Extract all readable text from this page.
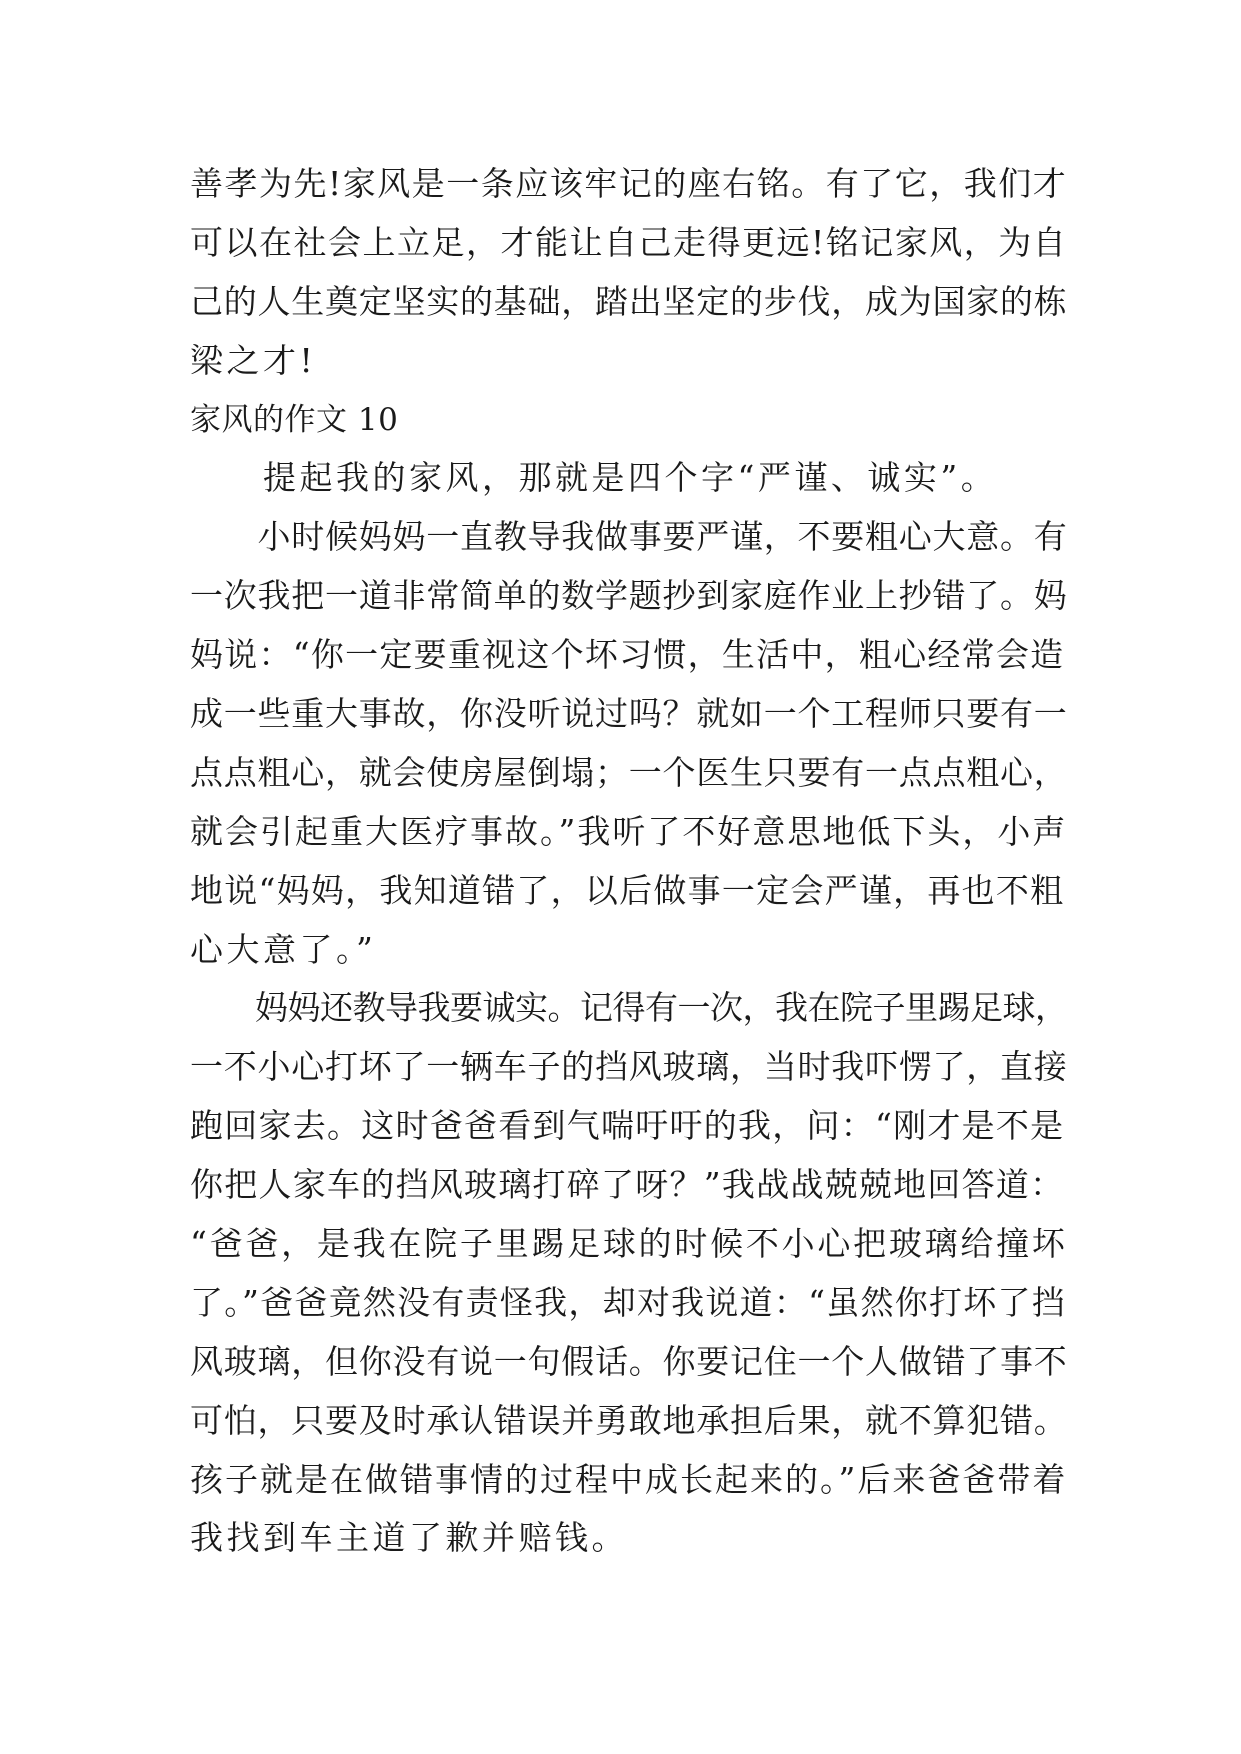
善孝为先!家风是一条应该牢记的座右铭。有了它，我们才
可以在社会上立足，才能让自己走得更远!铭记家风，为自
己的人生奠定坚实的基础，踏出坚定的步伐，成为国家的栋
梁之才!
家风的作文 10
　　提起我的家风，那就是四个字“严谨、诚实”。
　　小时候妈妈一直教导我做事要严谨，不要粗心大意。有
一次我把一道非常简单的数学题抄到家庭作业上抄错了。妈
妈说：“你一定要重视这个坏习惯，生活中，粗心经常会造
成一些重大事故，你没听说过吗？就如一个工程师只要有一
点点粗心，就会使房屋倒塌；一个医生只要有一点点粗心，
就会引起重大医疗事故。”我听了不好意思地低下头，小声
地说“妈妈，我知道错了，以后做事一定会严谨，再也不粗
心大意了。”
　　妈妈还教导我要诚实。记得有一次，我在院子里踢足球，
一不小心打坏了一辆车子的挡风玻璃，当时我吓愣了，直接
跑回家去。这时爸爸看到气喘吁吁的我，问：“刚才是不是
你把人家车的挡风玻璃打碎了呀？”我战战兢兢地回答道：
“爸爸，是我在院子里踢足球的时候不小心把玻璃给撞坏
了。”爸爸竟然没有责怪我，却对我说道：“虽然你打坏了挡
风玻璃，但你没有说一句假话。你要记住一个人做错了事不
可怕，只要及时承认错误并勇敢地承担后果，就不算犯错。
孩子就是在做错事情的过程中成长起来的。”后来爸爸带着
我找到车主道了歉并赔钱。
